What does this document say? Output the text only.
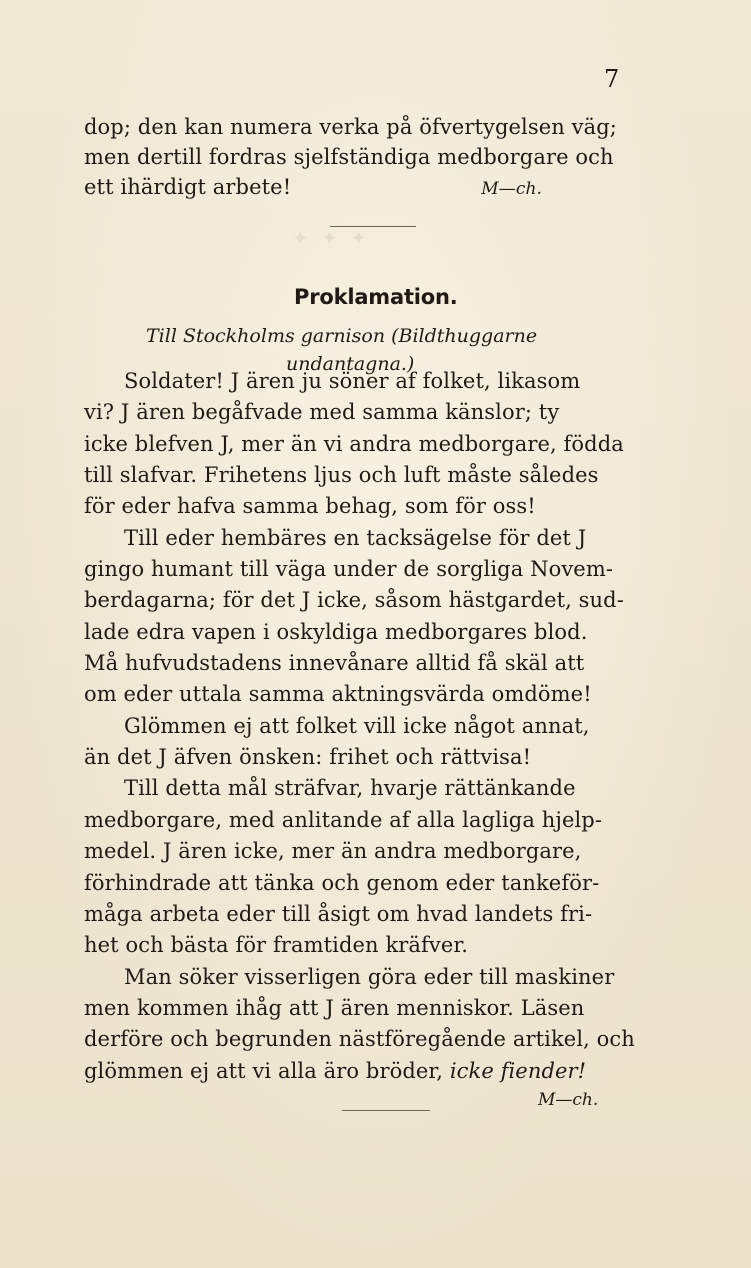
7
dop; den kan numera verka på öfvertygelsen väg;
men dertill fordras sjelfständiga medborgare och
ett ihärdigt arbete!	M—ch.
✦ ✦ ✦
Proklamation.
Till Stockholms garnison (Bildthuggarne
undantagna.)
Soldater! J ären ju söner af folket, likasom
vi? J ären begåfvade med samma känslor; ty
icke blefven J, mer än vi andra medborgare, födda
till slafvar. Frihetens ljus och luft måste således
för eder hafva samma behag, som för oss!
Till eder hembäres en tacksägelse för det J
gingo humant till väga under de sorgliga Novem-
berdagarna; för det J icke, såsom hästgardet, sud-
lade edra vapen i oskyldiga medborgares blod.
Må hufvudstadens innevånare alltid få skäl att
om eder uttala samma aktningsvärda omdöme!
Glömmen ej att folket vill icke något annat,
än det J äfven önsken: frihet och rättvisa!
Till detta mål sträfvar, hvarje rättänkande
medborgare, med anlitande af alla lagliga hjelp-
medel. J ären icke, mer än andra medborgare,
förhindrade att tänka och genom eder tankeför-
måga arbeta eder till åsigt om hvad landets fri-
het och bästa för framtiden kräfver.
Man söker visserligen göra eder till maskiner
men kommen ihåg att J ären menniskor. Läsen
derföre och begrunden nästföregående artikel, och
glömmen ej att vi alla äro bröder, icke fiender!
M—ch.
